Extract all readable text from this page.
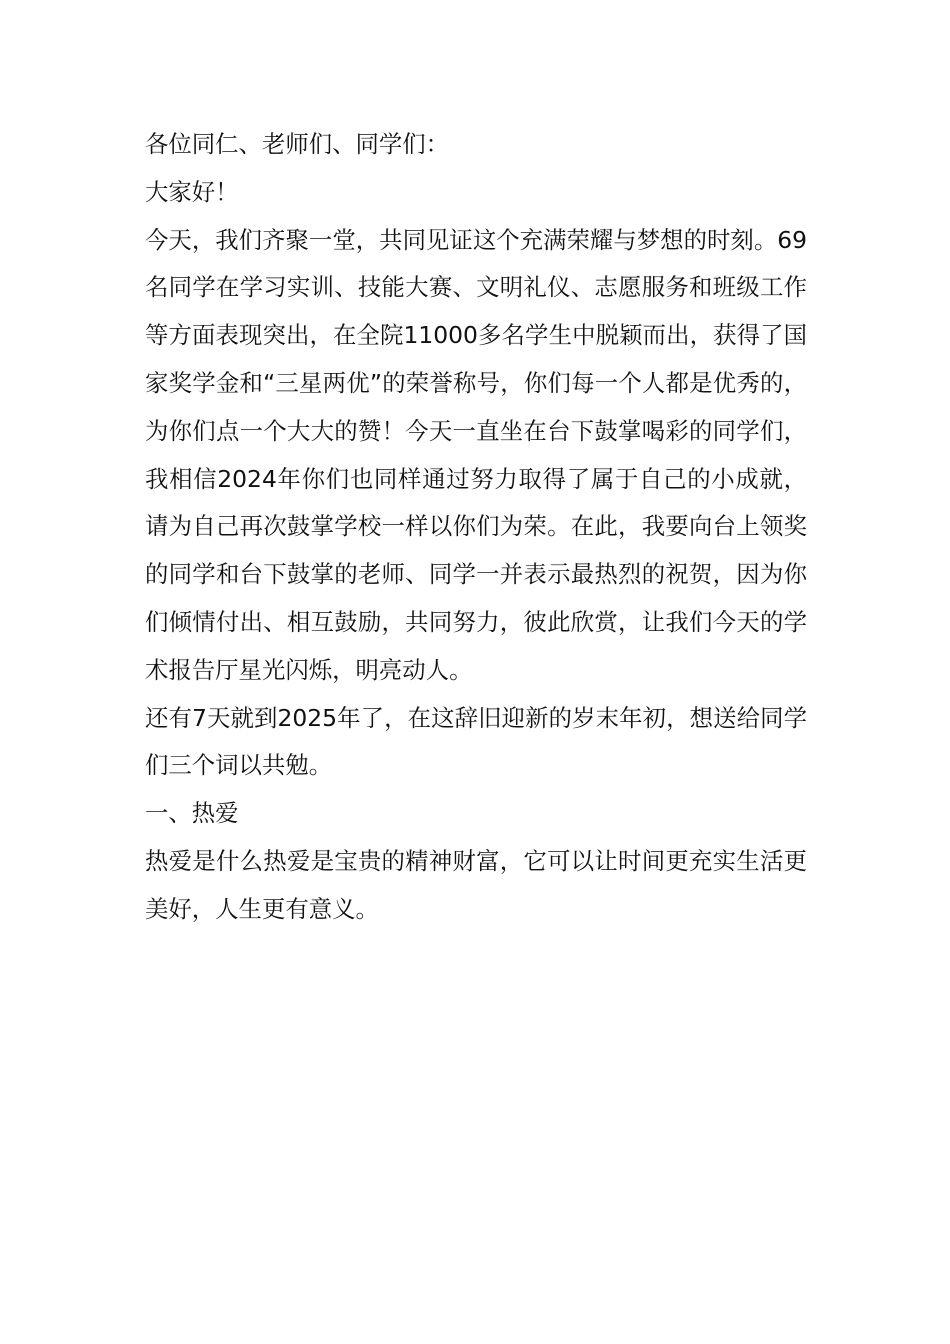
各位同仁、老师们、同学们：

大家好！

今天，我们齐聚一堂，共同见证这个充满荣耀与梦想的时刻。69名同学在学习实训、技能大赛、文明礼仪、志愿服务和班级工作等方面表现突出，在全院11000多名学生中脱颖而出，获得了国家奖学金和“三星两优”的荣誉称号，你们每一个人都是优秀的，为你们点一个大大的赞！今天一直坐在台下鼓掌喝彩的同学们，我相信2024年你们也同样通过努力取得了属于自己的小成就，请为自己再次鼓掌学校一样以你们为荣。在此，我要向台上领奖的同学和台下鼓掌的老师、同学一并表示最热烈的祝贺，因为你们倾情付出、相互鼓励，共同努力，彼此欣赏，让我们今天的学术报告厅星光闪烁，明亮动人。

还有7天就到2025年了，在这辞旧迎新的岁末年初，想送给同学们三个词以共勉。

一、热爱

热爱是什么热爱是宝贵的精神财富，它可以让时间更充实生活更美好，人生更有意义。
